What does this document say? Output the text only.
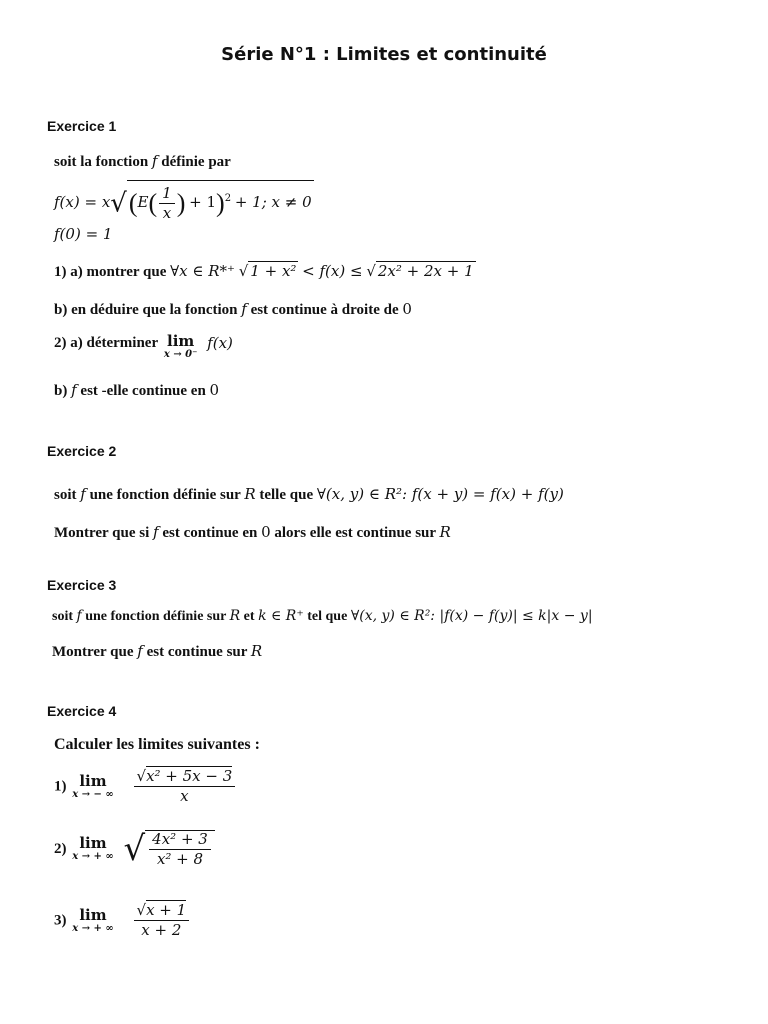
Série N°1 : Limites et continuité
Exercice 1
soit la fonction f définie par
$f(x) = x√(E( \frac{1}{x}$ ) + 1)$^2$ + 1; x ≠ 0
f(0) = 1
1) a) montrer que ∀x ∈ R*⁺ √ 1 + x² < f(x) ≤ √ 2x² + 2x + 1
b) en déduire que la fonction f est continue à droite de 0
2) a) déterminer lim
x → 0⁻
f(x)
b) f est -elle continue en 0
Exercice 2
soit f une fonction définie sur R telle que ∀(x, y) ∈ R²: f(x + y) = f(x) + f(y)
Montrer que si f est continue en 0 alors elle est continue sur R
Exercice 3
soit f une fonction définie sur R et k ∈ R⁺ tel que ∀(x, y) ∈ R²: |f(x) − f(y)| ≤ k|x − y|
Montrer que f est continue sur R
Exercice 4
Calculer les limites suivantes :
1) lim
x → − ∞
$\frac{\text{√x² + 5x − 3}}{x}$
2) lim
x → + ∞ √ $\frac{\text{4x² + 3}}{\text{x² + 8}}$
3) lim
x → + ∞
$\frac{√x + 1}{x + 2}$
